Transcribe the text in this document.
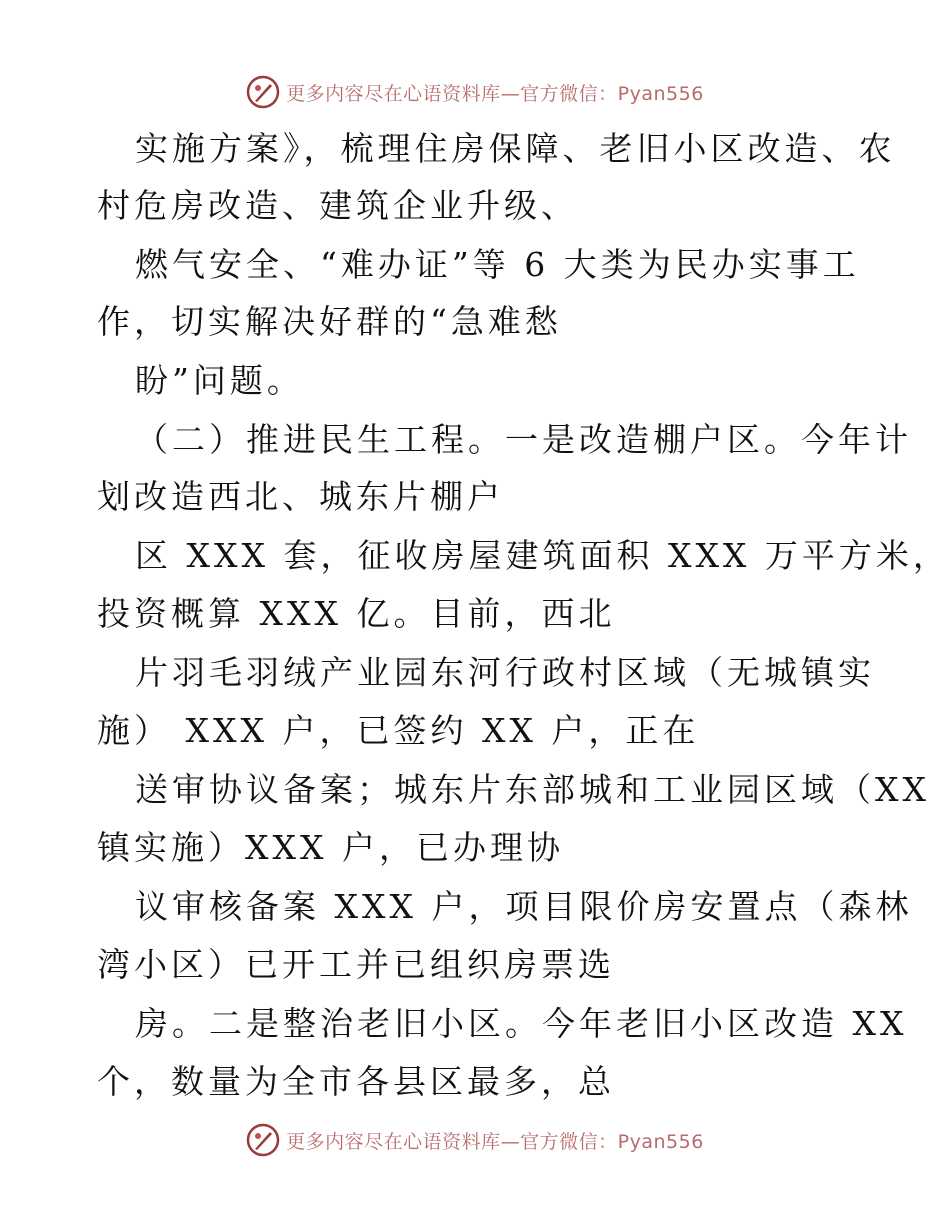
更多内容尽在心语资料库—官方微信：Pyan556
实施方案》，梳理住房保障、老旧小区改造、农
村危房改造、建筑企业升级、
燃气安全、“难办证”等 6 大类为民办实事工
作，切实解决好群的“急难愁
盼”问题。
（二）推进民生工程。一是改造棚户区。今年计
划改造西北、城东片棚户
区 XXX 套，征收房屋建筑面积 XXX 万平方米，
投资概算 XXX 亿。目前，西北
片羽毛羽绒产业园东河行政村区域（无城镇实
施） XXX 户，已签约 XX 户，正在
送审协议备案；城东片东部城和工业园区域（XX
镇实施）XXX 户，已办理协
议审核备案 XXX 户，项目限价房安置点（森林
湾小区）已开工并已组织房票选
房。二是整治老旧小区。今年老旧小区改造 XX
个，数量为全市各县区最多，总
更多内容尽在心语资料库—官方微信：Pyan556
